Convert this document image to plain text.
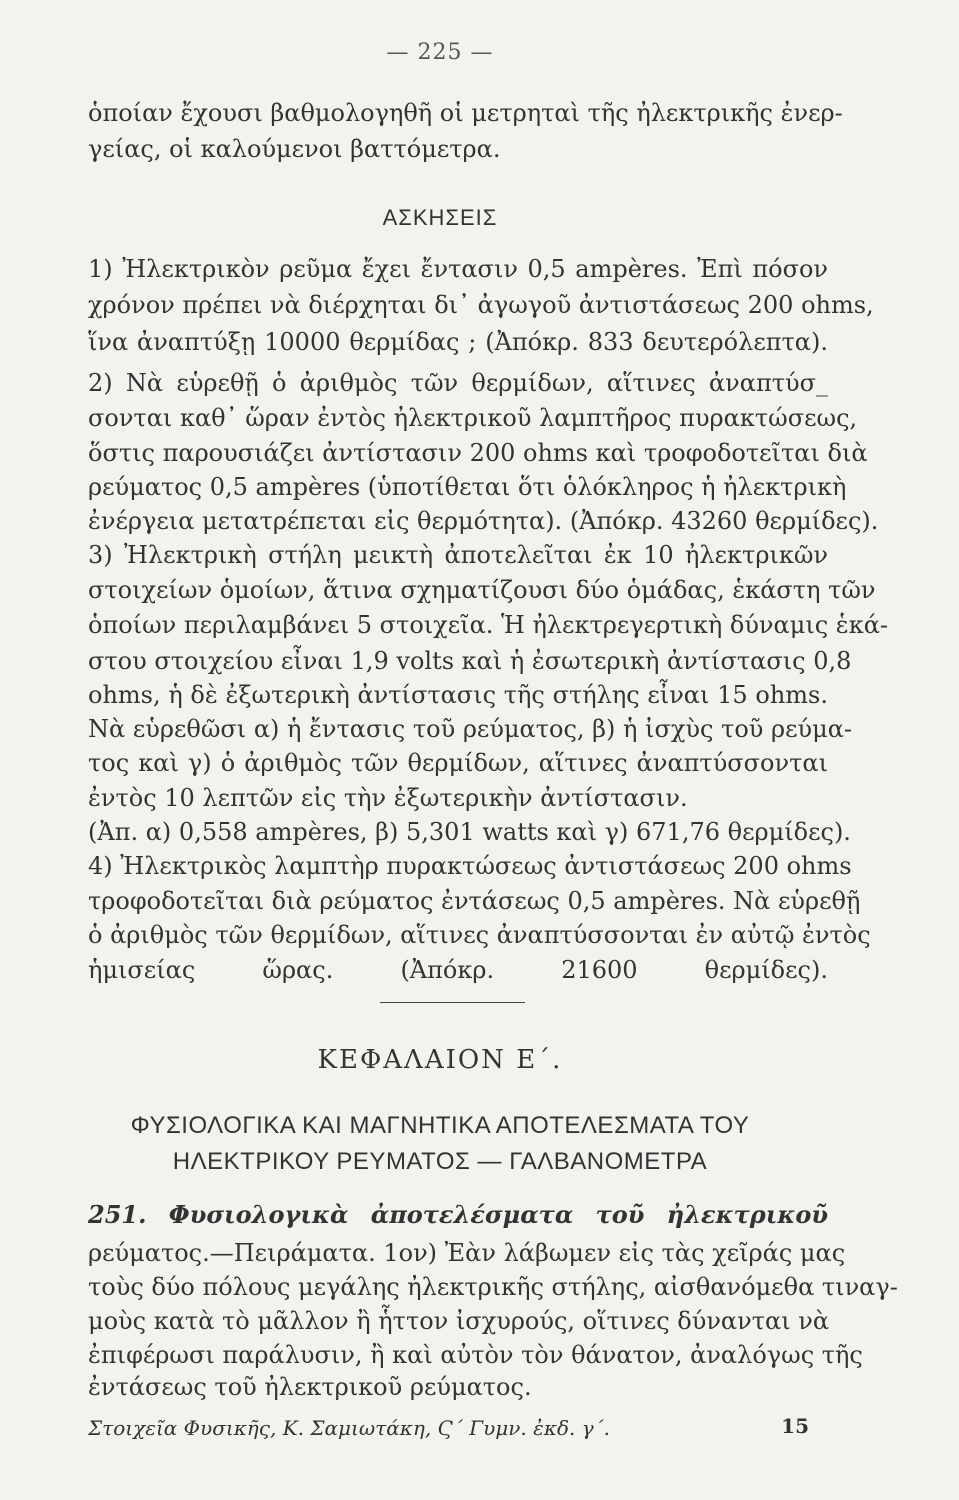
— 225 —
ὁποίαν ἔχουσι βαθμολογηθῆ οἱ μετρηταὶ τῆς ἠλεκτρικῆς ἐνερ-
γείας, οἱ καλούμενοι βαττόμετρα.
ΑΣΚΗΣΕΙΣ
1) Ἠλεκτρικὸν ρεῦμα ἔχει ἔντασιν 0,5 ampères. Ἐπὶ πόσον
χρόνον πρέπει νὰ διέρχηται δι᾽ ἀγωγοῦ ἀντιστάσεως 200 ohms,
ἵνα ἀναπτύξῃ 10000 θερμίδας ; (Ἀπόκρ. 833 δευτερόλεπτα).
2) Νὰ εὑρεθῇ ὁ ἀριθμὸς τῶν θερμίδων, αἵτινες ἀναπτύσ_
σονται καθ᾽ ὥραν ἐντὸς ἠλεκτρικοῦ λαμπτῆρος πυρακτώσεως,
ὅστις παρουσιάζει ἀντίστασιν 200 ohms καὶ τροφοδοτεῖται διὰ
ρεύματος 0,5 ampères (ὑποτίθεται ὅτι ὁλόκληρος ἡ ἠλεκτρικὴ
ἐνέργεια μετατρέπεται εἰς θερμότητα). (Ἀπόκρ. 43260 θερμίδες).
3) Ἠλεκτρικὴ στήλη μεικτὴ ἀποτελεῖται ἐκ 10 ἠλεκτρικῶν
στοιχείων ὁμοίων, ἅτινα σχηματίζουσι δύο ὁμάδας, ἑκάστη τῶν
ὁποίων περιλαμβάνει 5 στοιχεῖα. Ἡ ἠλεκτρεγερτικὴ δύναμις ἑκά-
στου στοιχείου εἶναι 1,9 volts καὶ ἡ ἐσωτερικὴ ἀντίστασις 0,8
ohms, ἡ δὲ ἐξωτερικὴ ἀντίστασις τῆς στήλης εἶναι 15 ohms.
Νὰ εὑρεθῶσι α) ἡ ἔντασις τοῦ ρεύματος, β) ἡ ἰσχὺς τοῦ ρεύμα-
τος καὶ γ) ὁ ἀριθμὸς τῶν θερμίδων, αἵτινες ἀναπτύσσονται
ἐντὸς 10 λεπτῶν εἰς τὴν ἐξωτερικὴν ἀντίστασιν.
(Ἀπ. α) 0,558 ampères, β) 5,301 watts καὶ γ) 671,76 θερμίδες).
4) Ἠλεκτρικὸς λαμπτὴρ πυρακτώσεως ἀντιστάσεως 200 ohms
τροφοδοτεῖται διὰ ρεύματος ἐντάσεως 0,5 ampères. Νὰ εὑρεθῇ
ὁ ἀριθμὸς τῶν θερμίδων, αἵτινες ἀναπτύσσονται ἐν αὐτῷ ἐντὸς
ἡμισείας ὥρας. (Ἀπόκρ. 21600 θερμίδες).
ΚΕΦΑΛΑΙΟΝ Ε΄.
ΦΥΣΙΟΛΟΓΙΚΑ ΚΑΙ ΜΑΓΝΗΤΙΚΑ ΑΠΟΤΕΛΕΣΜΑΤΑ ΤΟΥ
ΗΛΕΚΤΡΙΚΟΥ ΡΕΥΜΑΤΟΣ — ΓΑΛΒΑΝΟΜΕΤΡΑ
251. Φυσιολογικὰ ἀποτελέσματα τοῦ ἠλεκτρικοῦ
ρεύματος.—Πειράματα. 1ον) Ἐὰν λάβωμεν εἰς τὰς χεῖράς μας
τοὺς δύο πόλους μεγάλης ἠλεκτρικῆς στήλης, αἰσθανόμεθα τιναγ-
μοὺς κατὰ τὸ μᾶλλον ἢ ἧττον ἰσχυρούς, οἵτινες δύνανται νὰ
ἐπιφέρωσι παράλυσιν, ἢ καὶ αὐτὸν τὸν θάνατον, ἀναλόγως τῆς
ἐντάσεως τοῦ ἠλεκτρικοῦ ρεύματος.
Στοιχεῖα Φυσικῆς, Κ. Σαμιωτάκη, Ϛ΄ Γυμν. ἐκδ. γ΄.	15
